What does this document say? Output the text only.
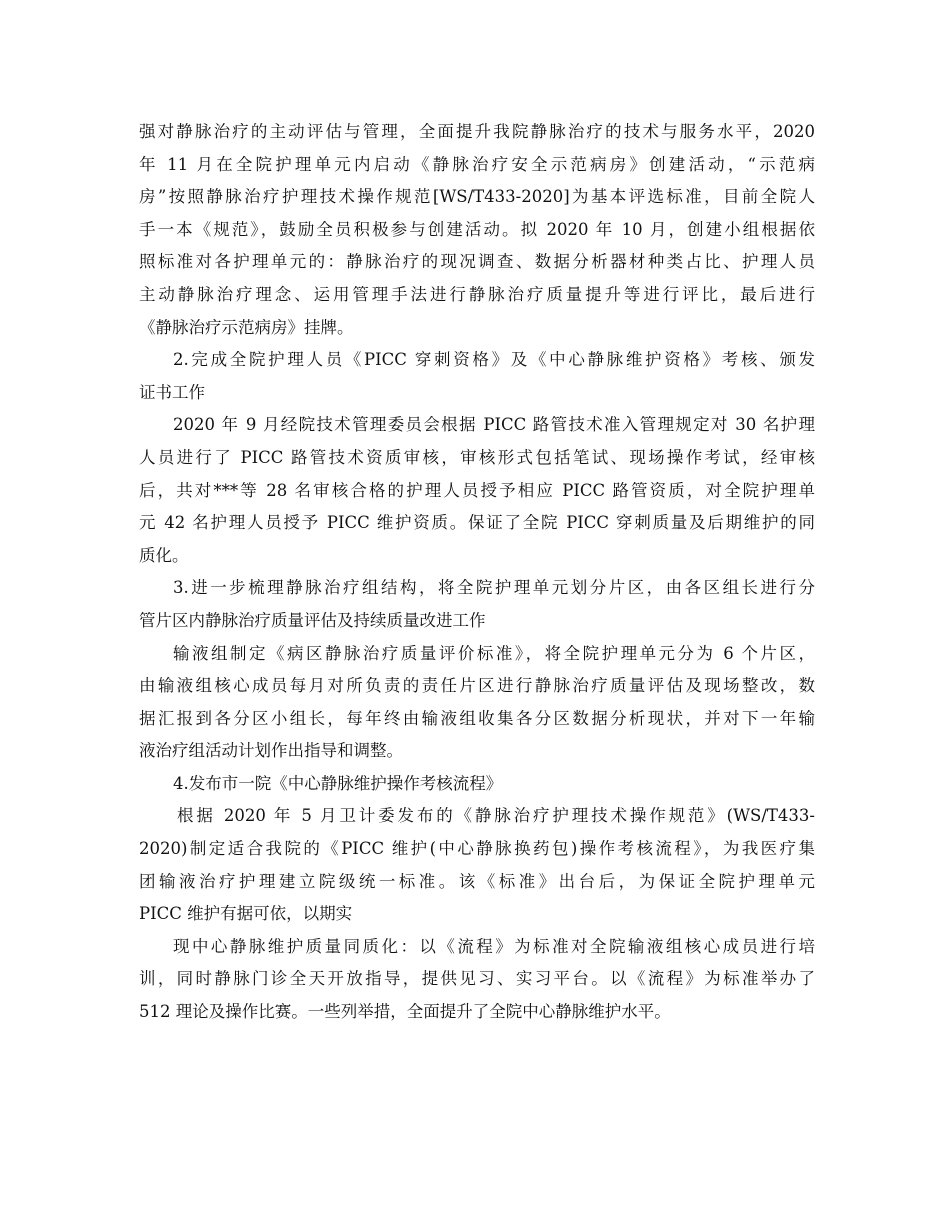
强对静脉治疗的主动评估与管理，全面提升我院静脉治疗的技术与服务水平，2020
年 11 月在全院护理单元内启动《静脉治疗安全示范病房》创建活动，“示范病
房”按照静脉治疗护理技术操作规范[WS/T433-2020]为基本评选标准，目前全院人
手一本《规范》，鼓励全员积极参与创建活动。拟 2020 年 10 月，创建小组根据依
照标准对各护理单元的：静脉治疗的现况调查、数据分析器材种类占比、护理人员
主动静脉治疗理念、运用管理手法进行静脉治疗质量提升等进行评比，最后进行
《静脉治疗示范病房》挂牌。
2.完成全院护理人员《PICC 穿刺资格》及《中心静脉维护资格》考核、颁发
证书工作
2020 年 9 月经院技术管理委员会根据 PICC 路管技术准入管理规定对 30 名护理
人员进行了 PICC 路管技术资质审核，审核形式包括笔试、现场操作考试，经审核
后，共对***等 28 名审核合格的护理人员授予相应 PICC 路管资质，对全院护理单
元 42 名护理人员授予 PICC 维护资质。保证了全院 PICC 穿刺质量及后期维护的同
质化。
3.进一步梳理静脉治疗组结构，将全院护理单元划分片区，由各区组长进行分
管片区内静脉治疗质量评估及持续质量改进工作
输液组制定《病区静脉治疗质量评价标准》，将全院护理单元分为 6 个片区，
由输液组核心成员每月对所负责的责任片区进行静脉治疗质量评估及现场整改，数
据汇报到各分区小组长，每年终由输液组收集各分区数据分析现状，并对下一年输
液治疗组活动计划作出指导和调整。
4.发布市一院《中心静脉维护操作考核流程》
根据 2020 年 5 月卫计委发布的《静脉治疗护理技术操作规范》(WS/T433-
2020)制定适合我院的《PICC 维护(中心静脉换药包)操作考核流程》，为我医疗集
团输液治疗护理建立院级统一标准。该《标准》出台后，为保证全院护理单元
PICC 维护有据可依，以期实
现中心静脉维护质量同质化：以《流程》为标准对全院输液组核心成员进行培
训，同时静脉门诊全天开放指导，提供见习、实习平台。以《流程》为标准举办了
512 理论及操作比赛。一些列举措，全面提升了全院中心静脉维护水平。
